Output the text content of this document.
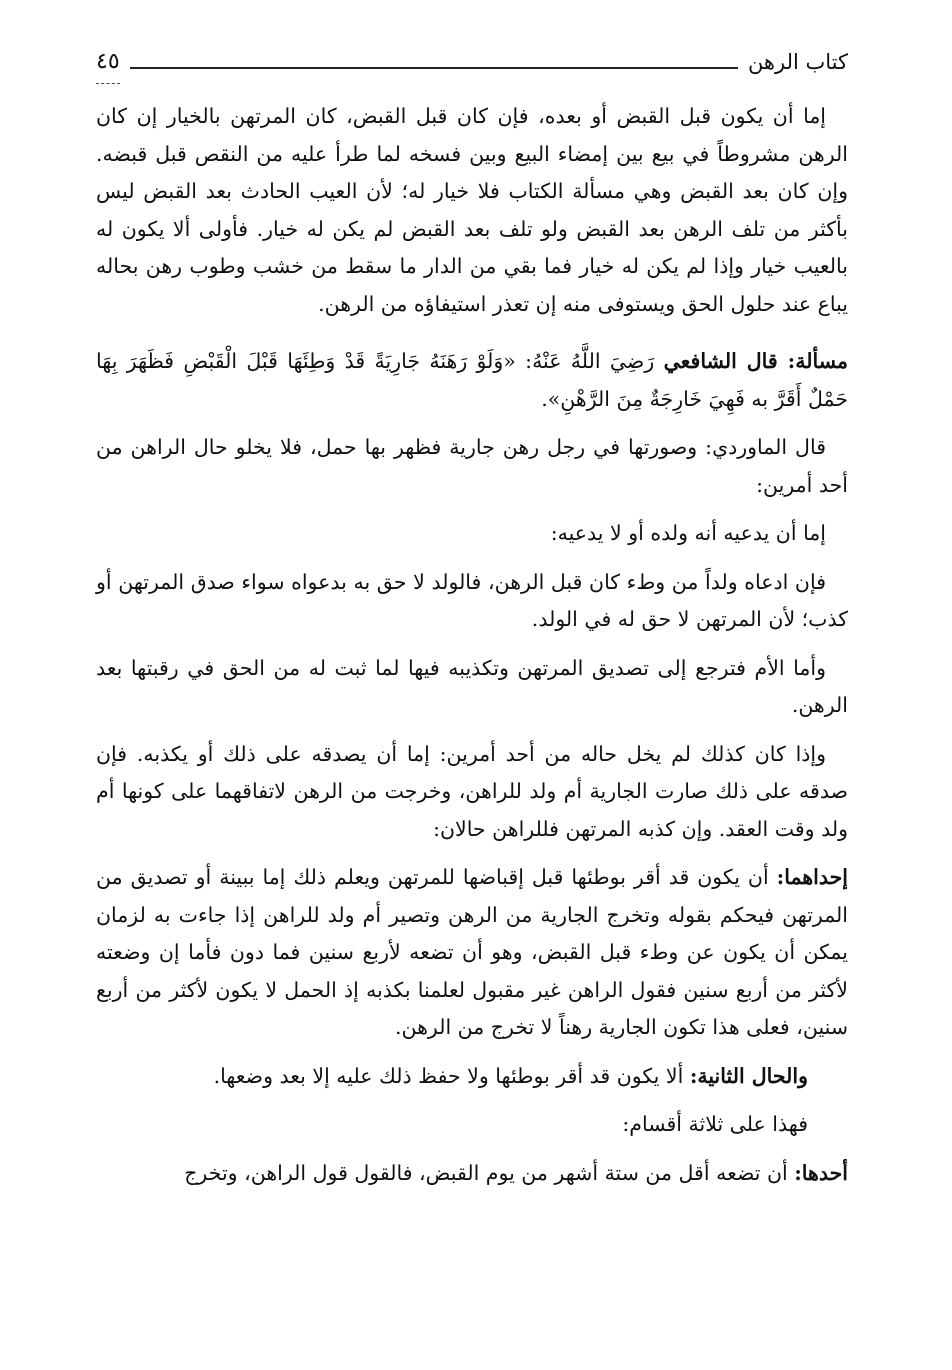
كتاب الرهن
٤٥

إما أن يكون قبل القبض أو بعده، فإن كان قبل القبض، كان المرتهن بالخيار إن كان الرهن مشروطاً في بيع بين إمضاء البيع وبين فسخه لما طرأ عليه من النقص قبل قبضه. وإن كان بعد القبض وهي مسألة الكتاب فلا خيار له؛ لأن العيب الحادث بعد القبض ليس بأكثر من تلف الرهن بعد القبض ولو تلف بعد القبض لم يكن له خيار. فأولى ألا يكون له بالعيب خيار وإذا لم يكن له خيار فما بقي من الدار ما سقط من خشب وطوب رهن بحاله يباع عند حلول الحق ويستوفى منه إن تعذر استيفاؤه من الرهن.

مسألة: قال الشافعي رَضِيَ اللَّهُ عَنْهُ: «وَلَوْ رَهَنَهُ جَارِيَةً قَدْ وَطِئَهَا قَبْلَ الْقَبْضِ فَظَهَرَ بِهَا حَمْلٌ أَقَرَّ به فَهِيَ خَارِجَةٌ مِنَ الرَّهْنِ».

قال الماوردي: وصورتها في رجل رهن جارية فظهر بها حمل، فلا يخلو حال الراهن من أحد أمرين:

إما أن يدعيه أنه ولده أو لا يدعيه:

فإن ادعاه ولداً من وطء كان قبل الرهن، فالولد لا حق به بدعواه سواء صدق المرتهن أو كذب؛ لأن المرتهن لا حق له في الولد.

وأما الأم فترجع إلى تصديق المرتهن وتكذيبه فيها لما ثبت له من الحق في رقبتها بعد الرهن.

وإذا كان كذلك لم يخل حاله من أحد أمرين: إما أن يصدقه على ذلك أو يكذبه. فإن صدقه على ذلك صارت الجارية أم ولد للراهن، وخرجت من الرهن لاتفاقهما على كونها أم ولد وقت العقد. وإن كذبه المرتهن فللراهن حالان:

إحداهما: أن يكون قد أقر بوطئها قبل إقباضها للمرتهن ويعلم ذلك إما ببينة أو تصديق من المرتهن فيحكم بقوله وتخرج الجارية من الرهن وتصير أم ولد للراهن إذا جاءت به لزمان يمكن أن يكون عن وطء قبل القبض، وهو أن تضعه لأربع سنين فما دون فأما إن وضعته لأكثر من أربع سنين فقول الراهن غير مقبول لعلمنا بكذبه إذ الحمل لا يكون لأكثر من أربع سنين، فعلى هذا تكون الجارية رهناً لا تخرج من الرهن.

والحال الثانية: ألا يكون قد أقر بوطئها ولا حفظ ذلك عليه إلا بعد وضعها.

فهذا على ثلاثة أقسام:

أحدها: أن تضعه أقل من ستة أشهر من يوم القبض، فالقول قول الراهن، وتخرج
